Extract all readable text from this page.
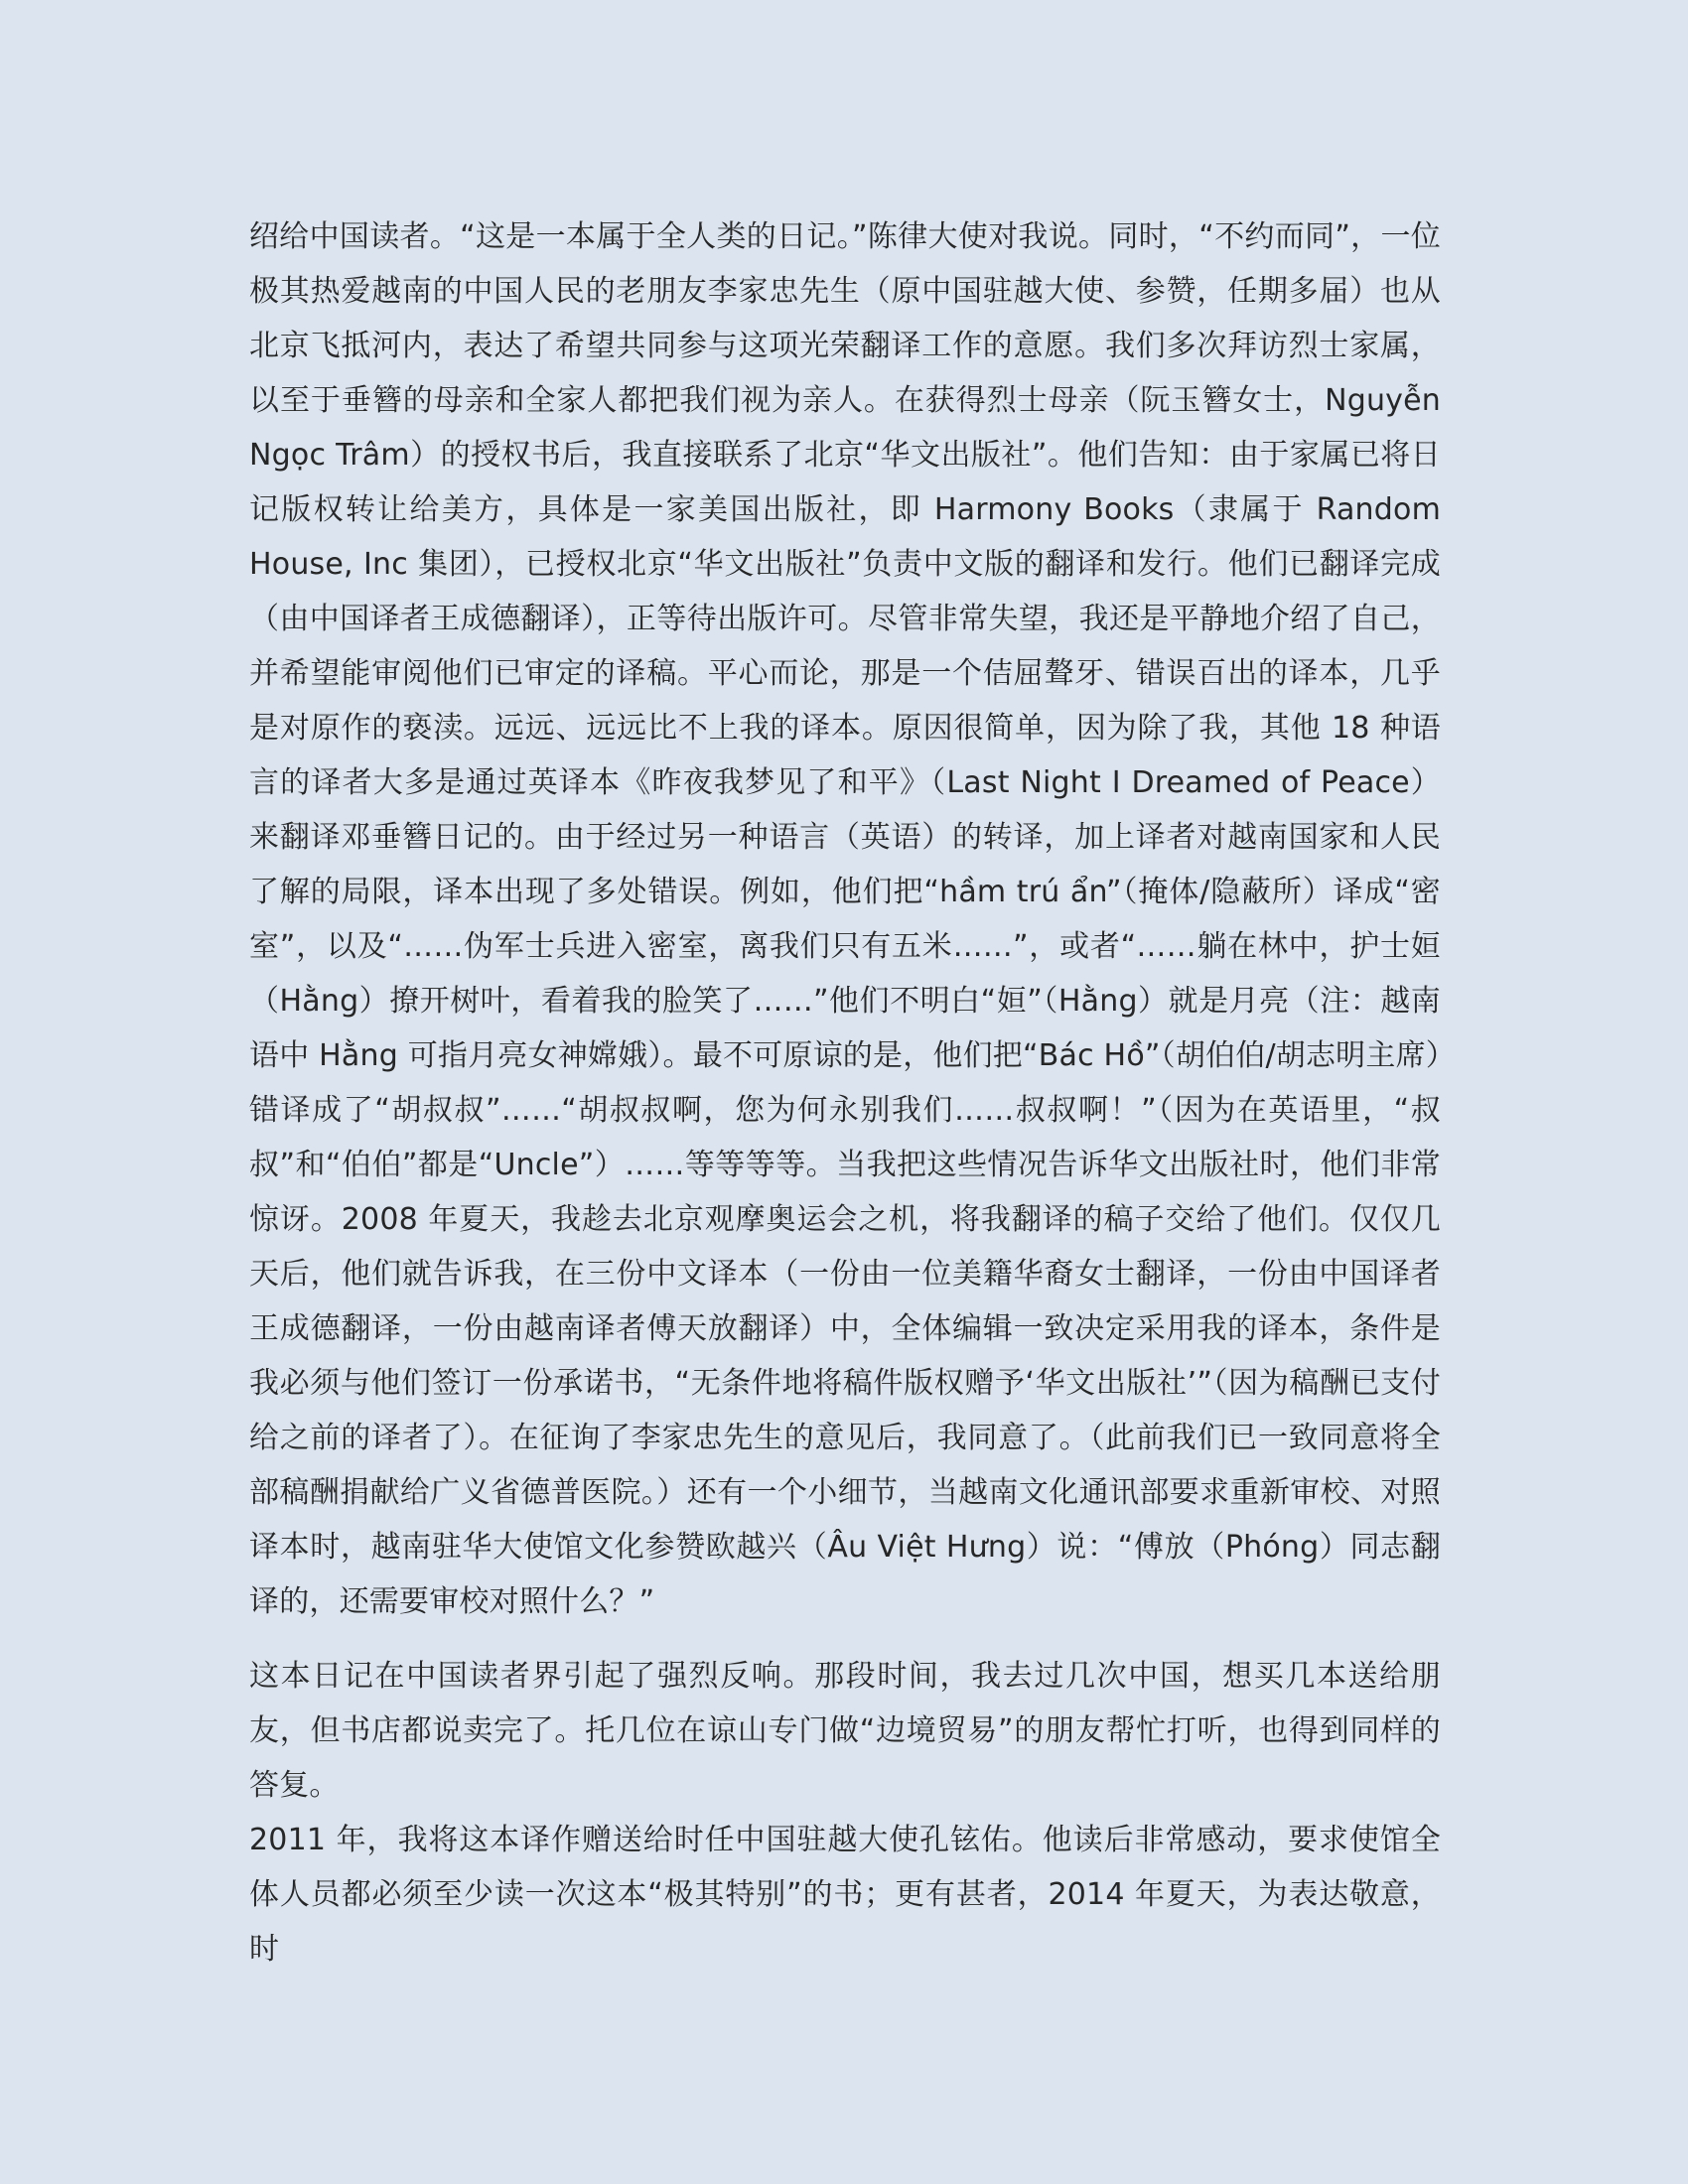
绍给中国读者。“这是一本属于全人类的日记。”陈律大使对我说。同时，“不约而同”，一位极其热爱越南的中国人民的老朋友李家忠先生（原中国驻越大使、参赞，任期多届）也从北京飞抵河内，表达了希望共同参与这项光荣翻译工作的意愿。我们多次拜访烈士家属，以至于垂簪的母亲和全家人都把我们视为亲人。在获得烈士母亲（阮玉簪女士，Nguyễn Ngọc Trâm）的授权书后，我直接联系了北京“华文出版社”。他们告知：由于家属已将日记版权转让给美方，具体是一家美国出版社，即 Harmony Books（隶属于 Random House, Inc 集团），已授权北京“华文出版社”负责中文版的翻译和发行。他们已翻译完成（由中国译者王成德翻译），正等待出版许可。尽管非常失望，我还是平静地介绍了自己，并希望能审阅他们已审定的译稿。平心而论，那是一个佶屈聱牙、错误百出的译本，几乎是对原作的亵渎。远远、远远比不上我的译本。原因很简单，因为除了我，其他 18 种语言的译者大多是通过英译本《昨夜我梦见了和平》（Last Night I Dreamed of Peace）来翻译邓垂簪日记的。由于经过另一种语言（英语）的转译，加上译者对越南国家和人民了解的局限，译本出现了多处错误。例如，他们把“hầm trú ẩn”（掩体/隐蔽所）译成“密室”，以及“……伪军士兵进入密室，离我们只有五米……”，或者“……躺在林中，护士姮（Hằng）撩开树叶，看着我的脸笑了……”他们不明白“姮”（Hằng）就是月亮（注：越南语中 Hằng 可指月亮女神嫦娥）。最不可原谅的是，他们把“Bác Hồ”（胡伯伯/胡志明主席）错译成了“胡叔叔”……“胡叔叔啊，您为何永别我们……叔叔啊！”（因为在英语里，“叔叔”和“伯伯”都是“Uncle”）……等等等等。当我把这些情况告诉华文出版社时，他们非常惊讶。2008 年夏天，我趁去北京观摩奥运会之机，将我翻译的稿子交给了他们。仅仅几天后，他们就告诉我，在三份中文译本（一份由一位美籍华裔女士翻译，一份由中国译者王成德翻译，一份由越南译者傅天放翻译）中，全体编辑一致决定采用我的译本，条件是我必须与他们签订一份承诺书，“无条件地将稿件版权赠予‘华文出版社’”（因为稿酬已支付给之前的译者了）。在征询了李家忠先生的意见后，我同意了。（此前我们已一致同意将全部稿酬捐献给广义省德普医院。）还有一个小细节，当越南文化通讯部要求重新审校、对照译本时，越南驻华大使馆文化参赞欧越兴（Âu Việt Hưng）说：“傅放（Phóng）同志翻译的，还需要审校对照什么？”

这本日记在中国读者界引起了强烈反响。那段时间，我去过几次中国，想买几本送给朋友，但书店都说卖完了。托几位在谅山专门做“边境贸易”的朋友帮忙打听，也得到同样的答复。

2011 年，我将这本译作赠送给时任中国驻越大使孔铉佑。他读后非常感动，要求使馆全体人员都必须至少读一次这本“极其特别”的书；更有甚者，2014 年夏天，为表达敬意，时
